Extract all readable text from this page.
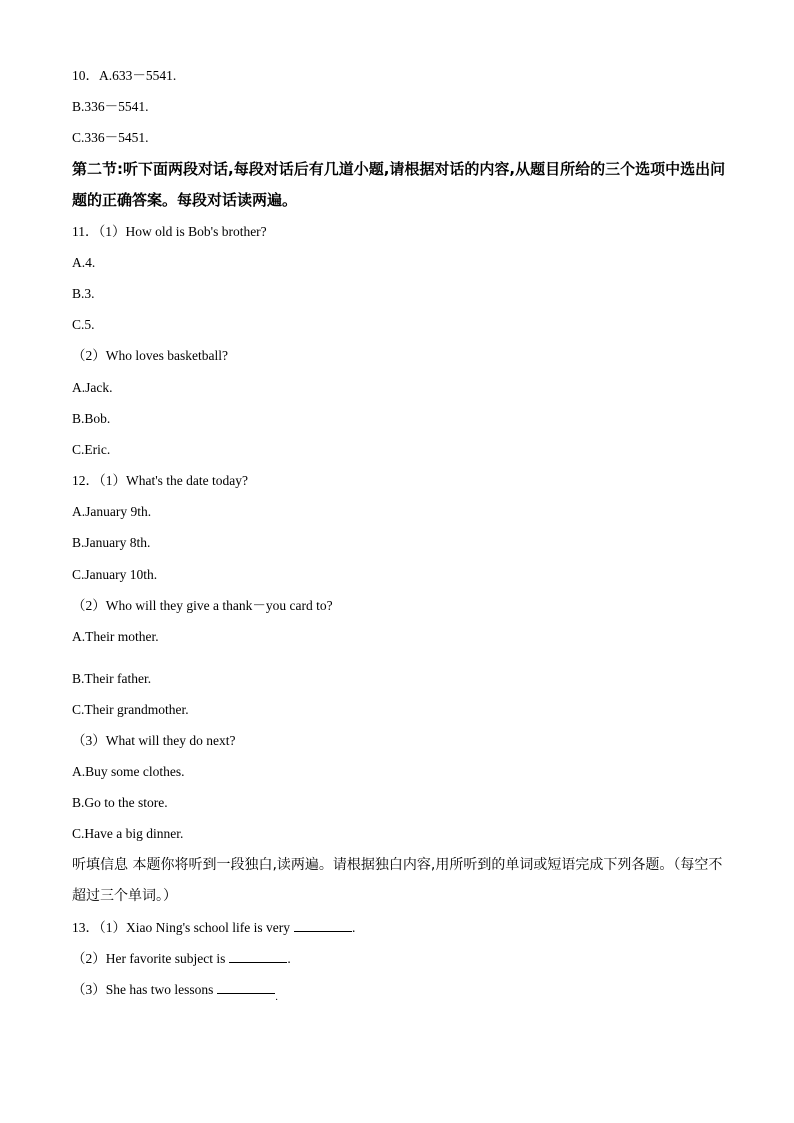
10．A.633－5541.
B.336－5541.
C.336－5451.
第二节:听下面两段对话,每段对话后有几道小题,请根据对话的内容,从题目所给的三个选项中选出问题的正确答案。每段对话读两遍。
11．（1）How old is Bob's brother?
A.4.
B.3.
C.5.
（2）Who loves basketball?
A.Jack.
B.Bob.
C.Eric.
12．（1）What's the date today?
A.January 9th.
B.January 8th.
C.January 10th.
（2）Who will they give a thank－you card to?
A.Their mother.
B.Their father.
C.Their grandmother.
（3）What will they do next?
A.Buy some clothes.
B.Go to the store.
C.Have a big dinner.
听填信息 本题你将听到一段独白,读两遍。请根据独白内容,用所听到的单词或短语完成下列各题。（每空不超过三个单词。）
13．（1）Xiao Ning's school life is very	.
（2）Her favorite subject is	.
（3）She has two lessons$_.$
